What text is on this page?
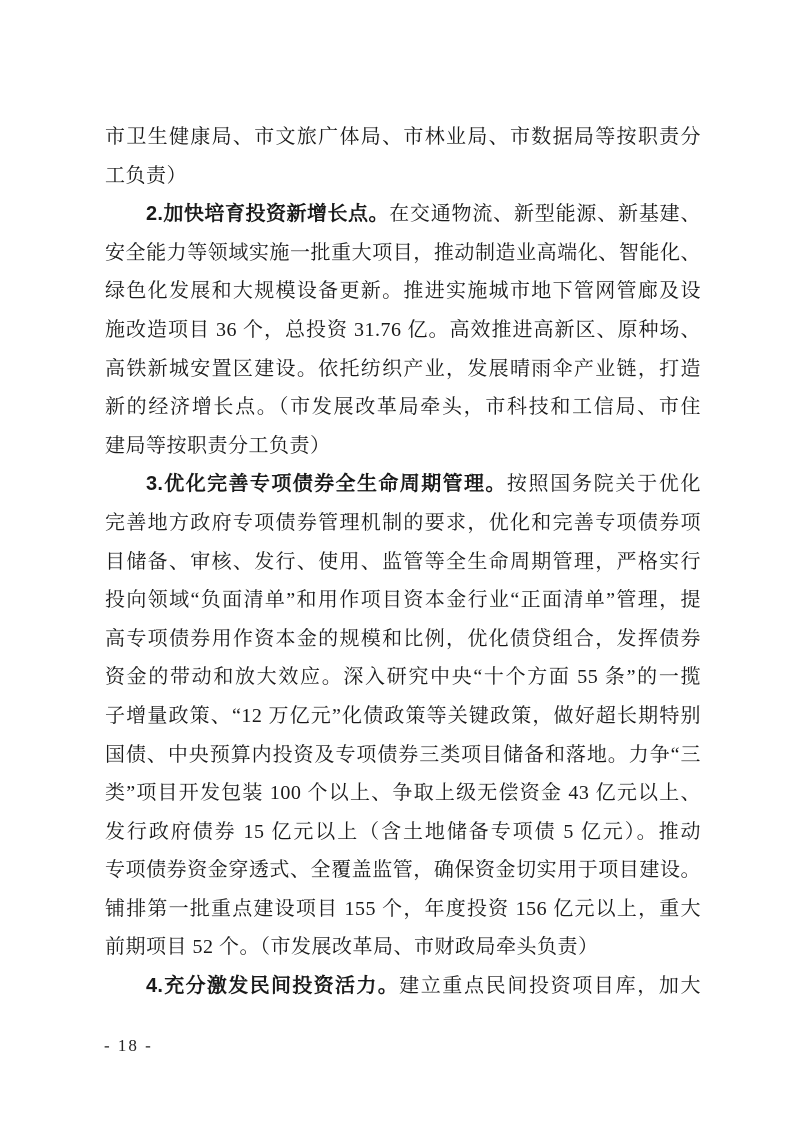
市卫生健康局、市文旅广体局、市林业局、市数据局等按职责分
工负责）
2.加快培育投资新增长点。在交通物流、新型能源、新基建、
安全能力等领域实施一批重大项目，推动制造业高端化、智能化、
绿色化发展和大规模设备更新。推进实施城市地下管网管廊及设
施改造项目 36 个，总投资 31.76 亿。高效推进高新区、原种场、
高铁新城安置区建设。依托纺织产业，发展晴雨伞产业链，打造
新的经济增长点。（市发展改革局牵头，市科技和工信局、市住
建局等按职责分工负责）
3.优化完善专项债券全生命周期管理。按照国务院关于优化
完善地方政府专项债券管理机制的要求，优化和完善专项债券项
目储备、审核、发行、使用、监管等全生命周期管理，严格实行
投向领域“负面清单”和用作项目资本金行业“正面清单”管理，提
高专项债券用作资本金的规模和比例，优化债贷组合，发挥债券
资金的带动和放大效应。深入研究中央“十个方面 55 条”的一揽
子增量政策、“12 万亿元”化债政策等关键政策，做好超长期特别
国债、中央预算内投资及专项债券三类项目储备和落地。力争“三
类”项目开发包装 100 个以上、争取上级无偿资金 43 亿元以上、
发行政府债券 15 亿元以上（含土地储备专项债 5 亿元）。推动
专项债券资金穿透式、全覆盖监管，确保资金切实用于项目建设。
铺排第一批重点建设项目 155 个，年度投资 156 亿元以上，重大
前期项目 52 个。（市发展改革局、市财政局牵头负责）
4.充分激发民间投资活力。建立重点民间投资项目库，加大
- 18 -
